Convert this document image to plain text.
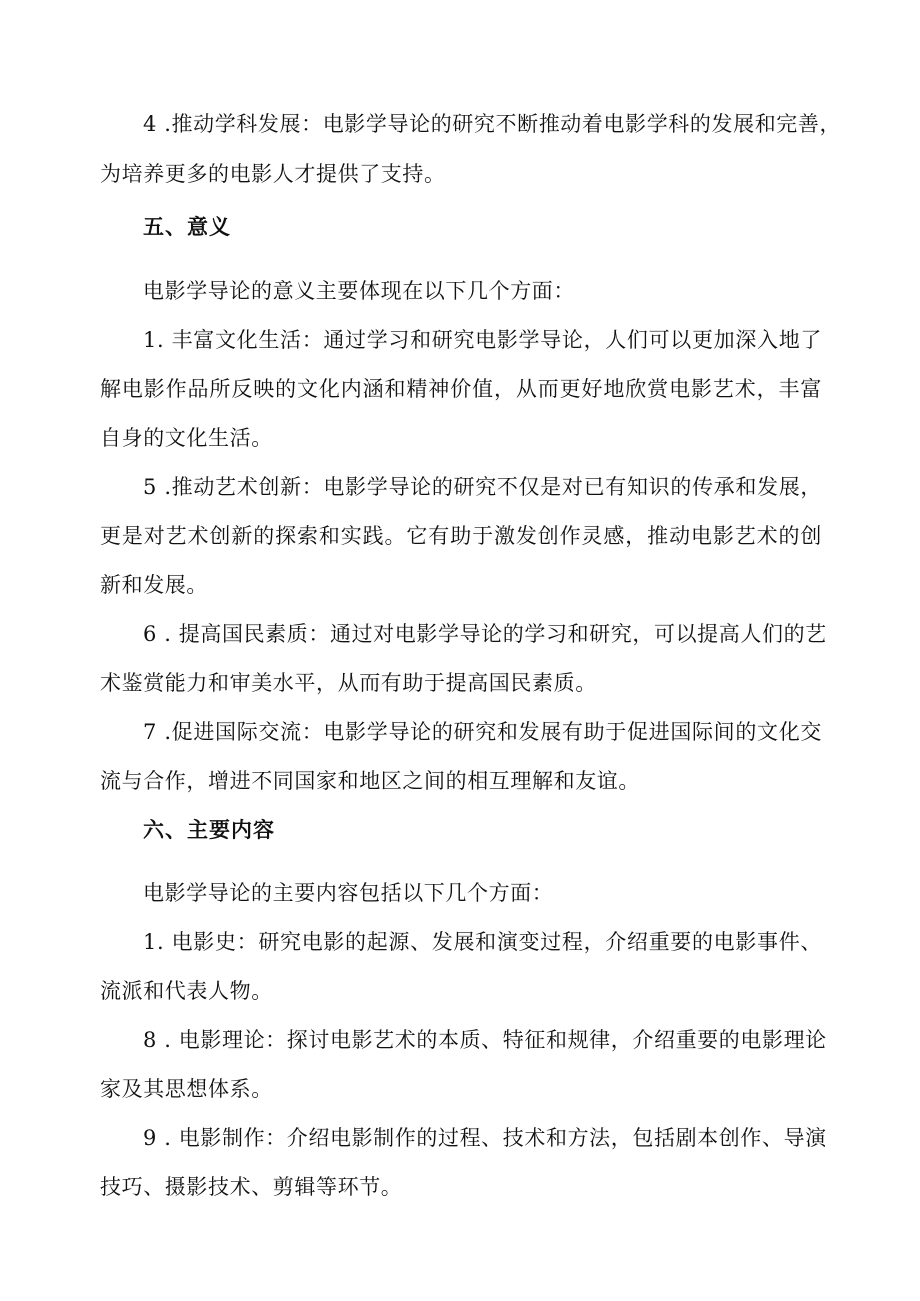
4 .推动学科发展：电影学导论的研究不断推动着电影学科的发展和完善，
为培养更多的电影人才提供了支持。
五、意义
电影学导论的意义主要体现在以下几个方面：
1. 丰富文化生活：通过学习和研究电影学导论，人们可以更加深入地了
解电影作品所反映的文化内涵和精神价值，从而更好地欣赏电影艺术，丰富
自身的文化生活。
5 .推动艺术创新：电影学导论的研究不仅是对已有知识的传承和发展，
更是对艺术创新的探索和实践。它有助于激发创作灵感，推动电影艺术的创
新和发展。
6 . 提高国民素质：通过对电影学导论的学习和研究，可以提高人们的艺
术鉴赏能力和审美水平，从而有助于提高国民素质。
7 .促进国际交流：电影学导论的研究和发展有助于促进国际间的文化交
流与合作，增进不同国家和地区之间的相互理解和友谊。
六、主要内容
电影学导论的主要内容包括以下几个方面：
1. 电影史：研究电影的起源、发展和演变过程，介绍重要的电影事件、
流派和代表人物。
8 . 电影理论：探讨电影艺术的本质、特征和规律，介绍重要的电影理论
家及其思想体系。
9 . 电影制作：介绍电影制作的过程、技术和方法，包括剧本创作、导演
技巧、摄影技术、剪辑等环节。
